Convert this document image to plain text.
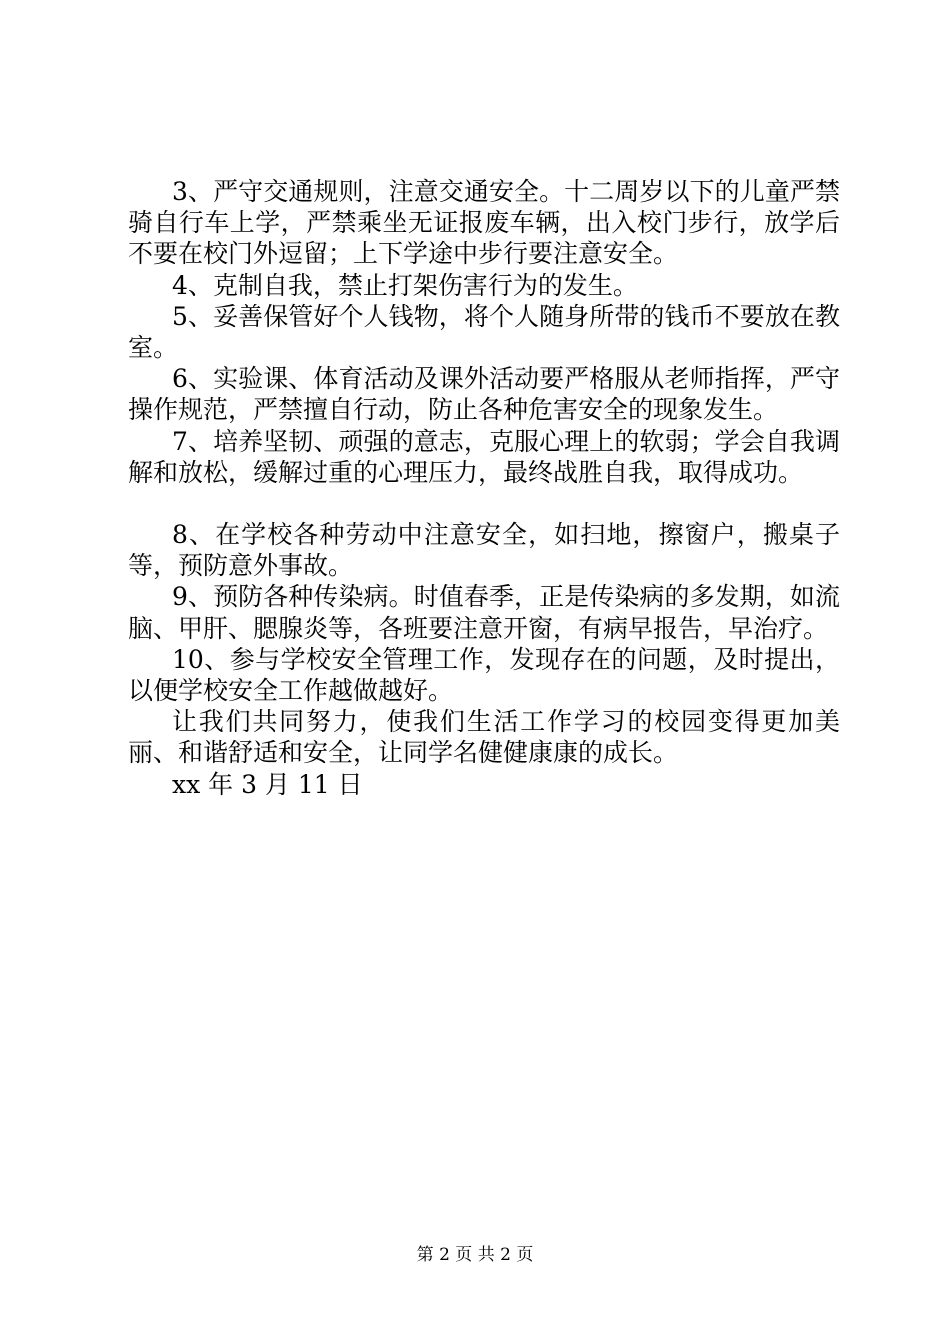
3、严守交通规则，注意交通安全。十二周岁以下的儿童严禁骑自行车上学，严禁乘坐无证报废车辆，出入校门步行，放学后不要在校门外逗留；上下学途中步行要注意安全。

4、克制自我，禁止打架伤害行为的发生。

5、妥善保管好个人钱物，将个人随身所带的钱币不要放在教室。

6、实验课、体育活动及课外活动要严格服从老师指挥，严守操作规范，严禁擅自行动，防止各种危害安全的现象发生。

7、培养坚韧、顽强的意志，克服心理上的软弱；学会自我调解和放松，缓解过重的心理压力，最终战胜自我，取得成功。

8、在学校各种劳动中注意安全，如扫地，擦窗户，搬桌子等，预防意外事故。

9、预防各种传染病。时值春季，正是传染病的多发期，如流脑、甲肝、腮腺炎等，各班要注意开窗，有病早报告，早治疗。

10、参与学校安全管理工作，发现存在的问题，及时提出，以便学校安全工作越做越好。

让我们共同努力，使我们生活工作学习的校园变得更加美丽、和谐舒适和安全，让同学名健健康康的成长。

xx 年 3 月 11 日

第 2 页 共 2 页
